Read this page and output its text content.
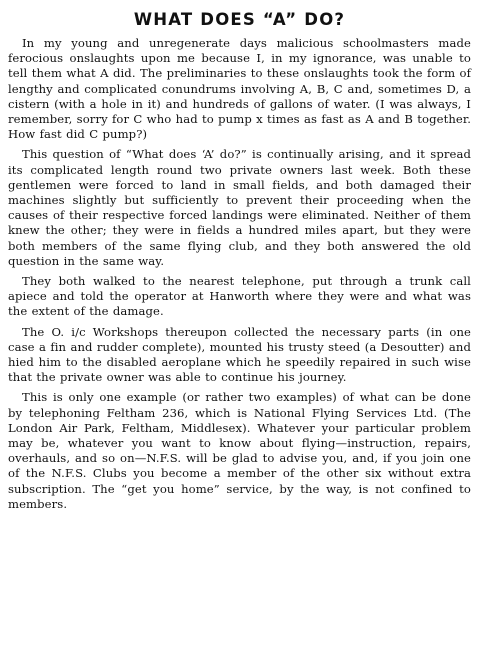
WHAT DOES “A” DO?

In my young and unregenerate days malicious schoolmasters made ferocious onslaughts upon me because I, in my ignorance, was unable to tell them what A did. The preliminaries to these onslaughts took the form of lengthy and complicated conundrums involving A, B, C and, sometimes D, a cistern (with a hole in it) and hundreds of gallons of water. (I was always, I remember, sorry for C who had to pump x times as fast as A and B together. How fast did C pump?)

This question of “What does ‘A’ do?” is continually arising, and it spread its complicated length round two private owners last week. Both these gentlemen were forced to land in small fields, and both damaged their machines slightly but sufficiently to prevent their proceeding when the causes of their respective forced landings were eliminated. Neither of them knew the other; they were in fields a hundred miles apart, but they were both members of the same flying club, and they both answered the old question in the same way.

They both walked to the nearest telephone, put through a trunk call apiece and told the operator at Hanworth where they were and what was the extent of the damage.

The O. i/c Workshops thereupon collected the necessary parts (in one case a fin and rudder complete), mounted his trusty steed (a Desoutter) and hied him to the disabled aeroplane which he speedily repaired in such wise that the private owner was able to continue his journey.

This is only one example (or rather two examples) of what can be done by telephoning Feltham 236, which is National Flying Services Ltd. (The London Air Park, Feltham, Middlesex). Whatever your particular problem may be, whatever you want to know about flying—instruction, repairs, overhauls, and so on—N.F.S. will be glad to advise you, and, if you join one of the N.F.S. Clubs you become a member of the other six without extra subscription. The “get you home” service, by the way, is not confined to members.
